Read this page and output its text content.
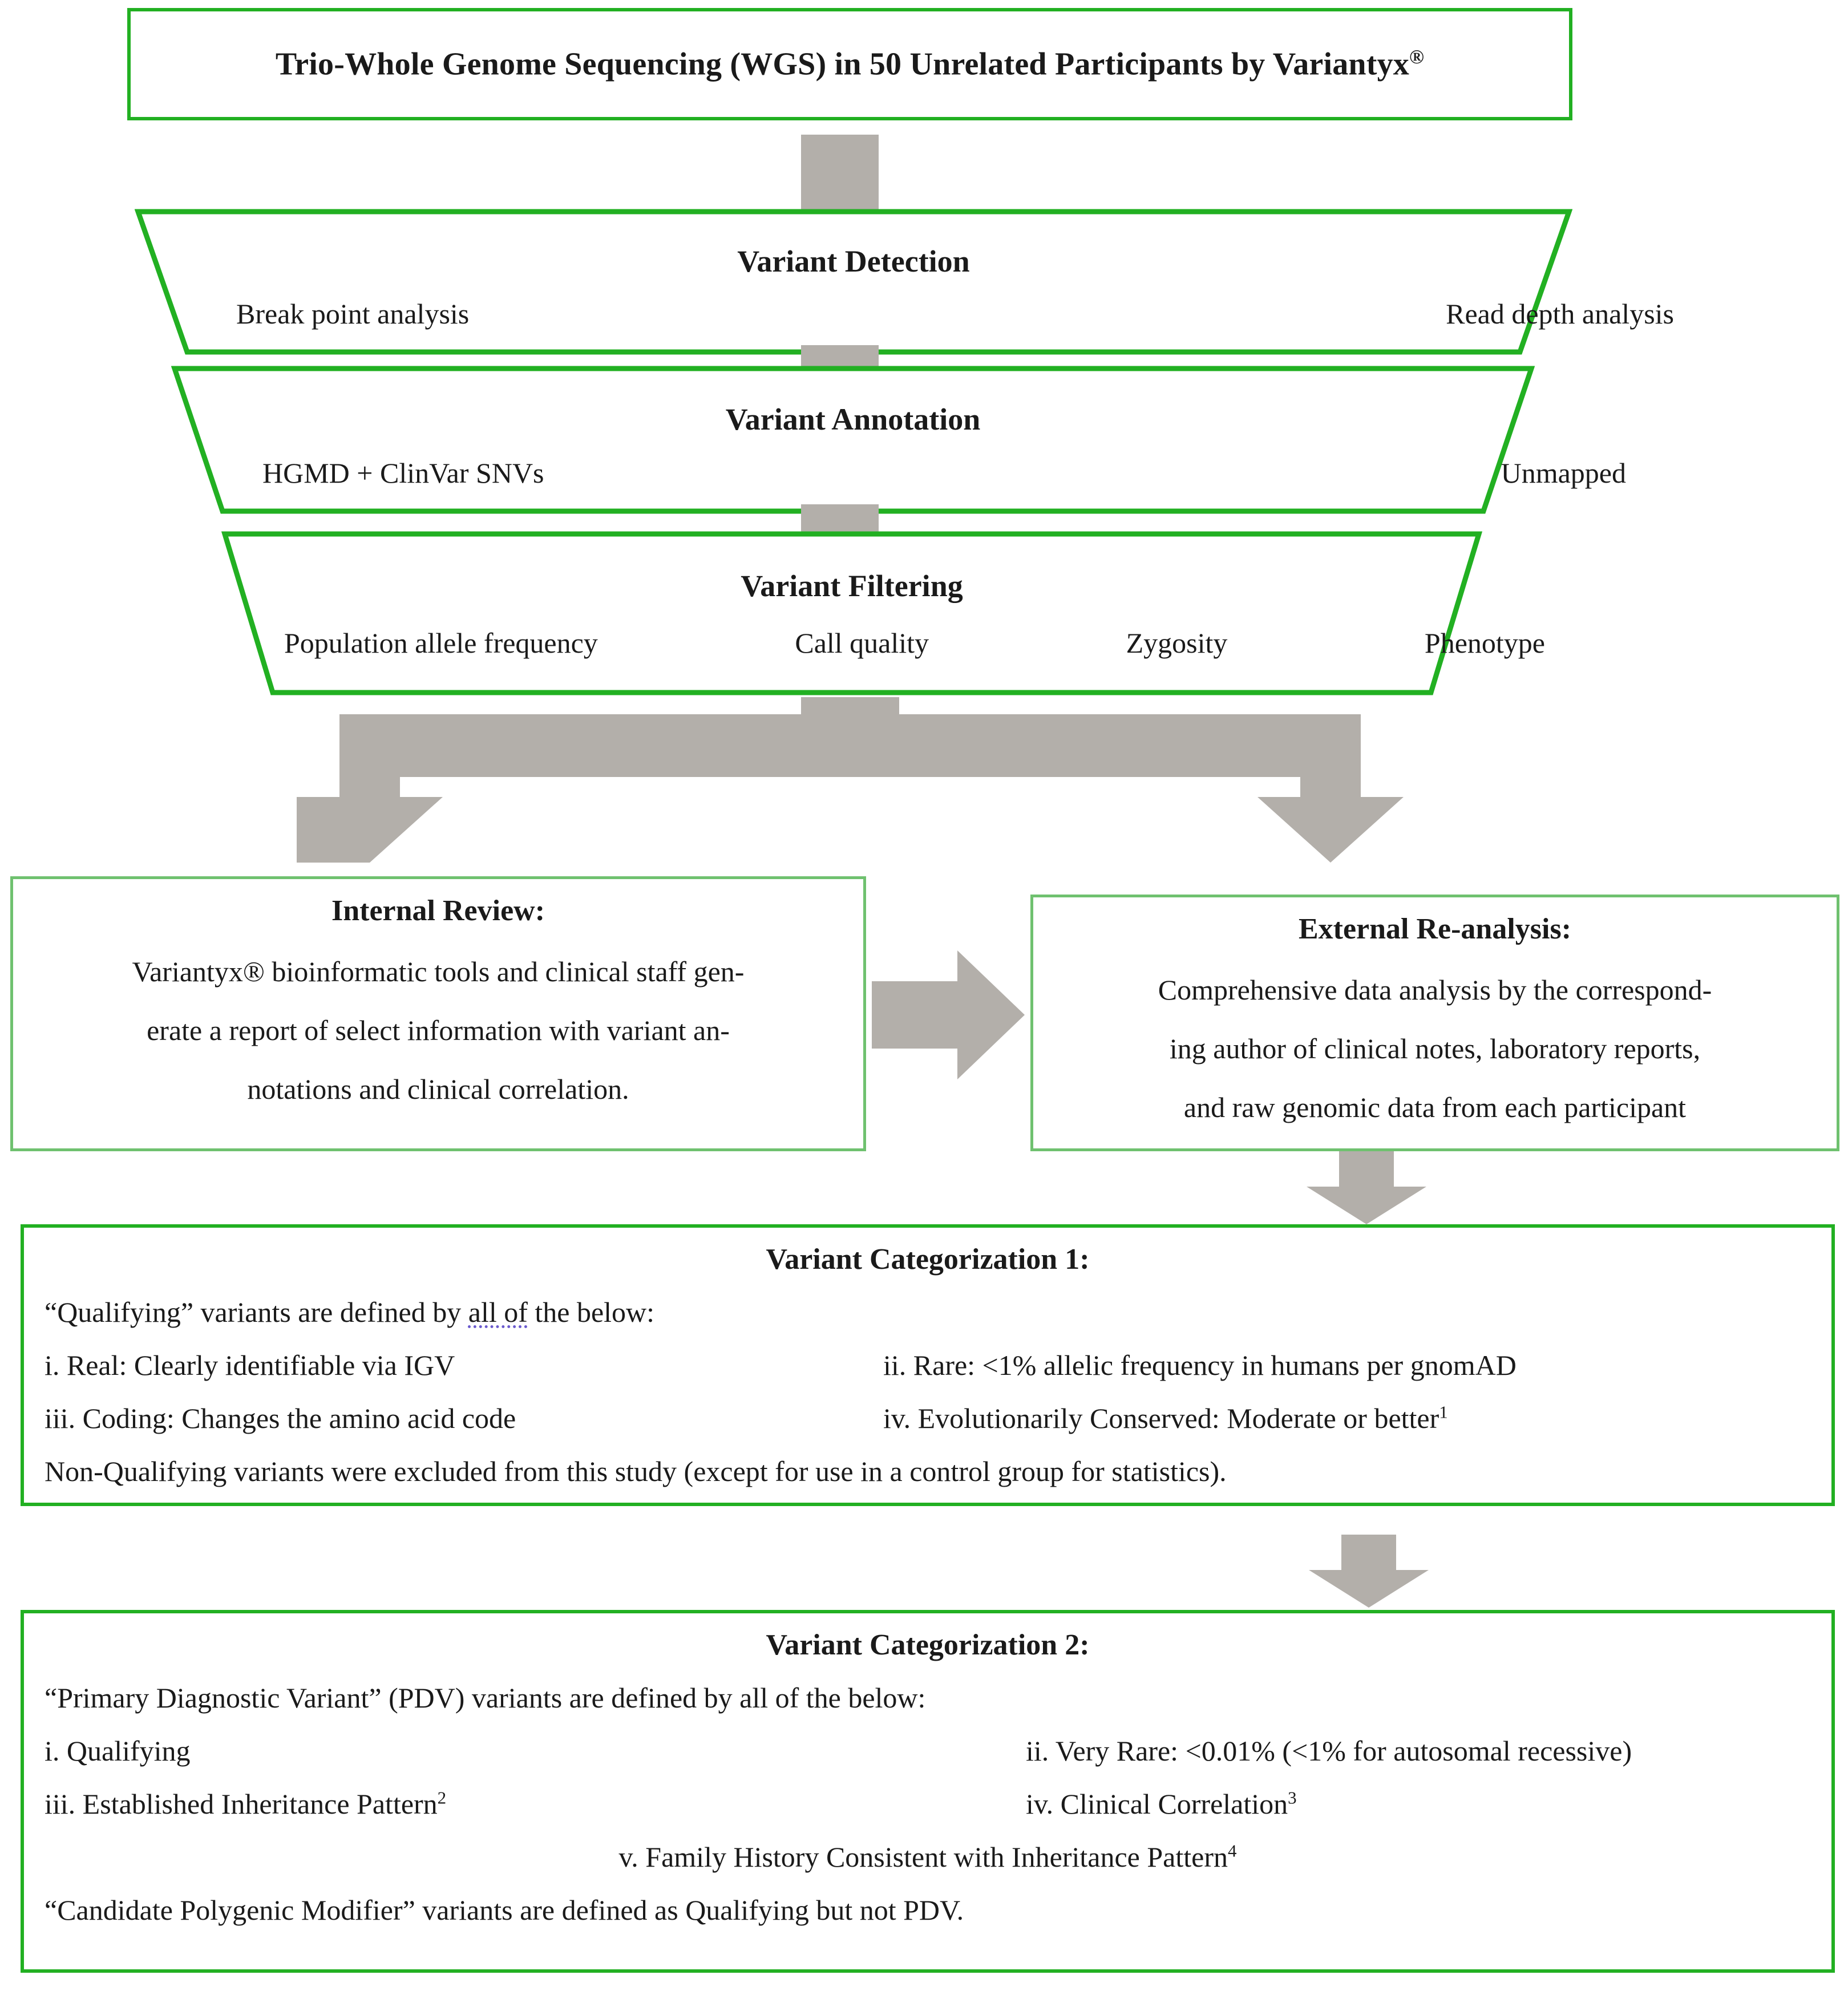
Trio-Whole Genome Sequencing (WGS) in 50 Unrelated Participants by Variantyx®
Variant Detection
Break point analysis	Read depth analysis
Variant Annotation
HGMD + ClinVar SNVs	Unmapped
Variant Filtering
Population allele frequency	Call quality	Zygosity	Phenotype
Internal Review:
Variantyx® bioinformatic tools and clinical staff gen-
erate a report of select information with variant an-
notations and clinical correlation.
External Re-analysis:
Comprehensive data analysis by the correspond-
ing author of clinical notes, laboratory reports,
and raw genomic data from each participant
Variant Categorization 1:
“Qualifying” variants are defined by all of the below:
i. Real: Clearly identifiable via IGV	ii. Rare: <1% allelic frequency in humans per gnomAD
iii. Coding: Changes the amino acid code	iv. Evolutionarily Conserved: Moderate or better$^1$
Non-Qualifying variants were excluded from this study (except for use in a control group for statistics).
Variant Categorization 2:
“Primary Diagnostic Variant” (PDV) variants are defined by all of the below:
i. Qualifying	ii. Very Rare: <0.01% (<1% for autosomal recessive)
iii. Established Inheritance Pattern$^2$	iv. Clinical Correlation$^3$
v. Family History Consistent with Inheritance Pattern$^4$
“Candidate Polygenic Modifier” variants are defined as Qualifying but not PDV.
